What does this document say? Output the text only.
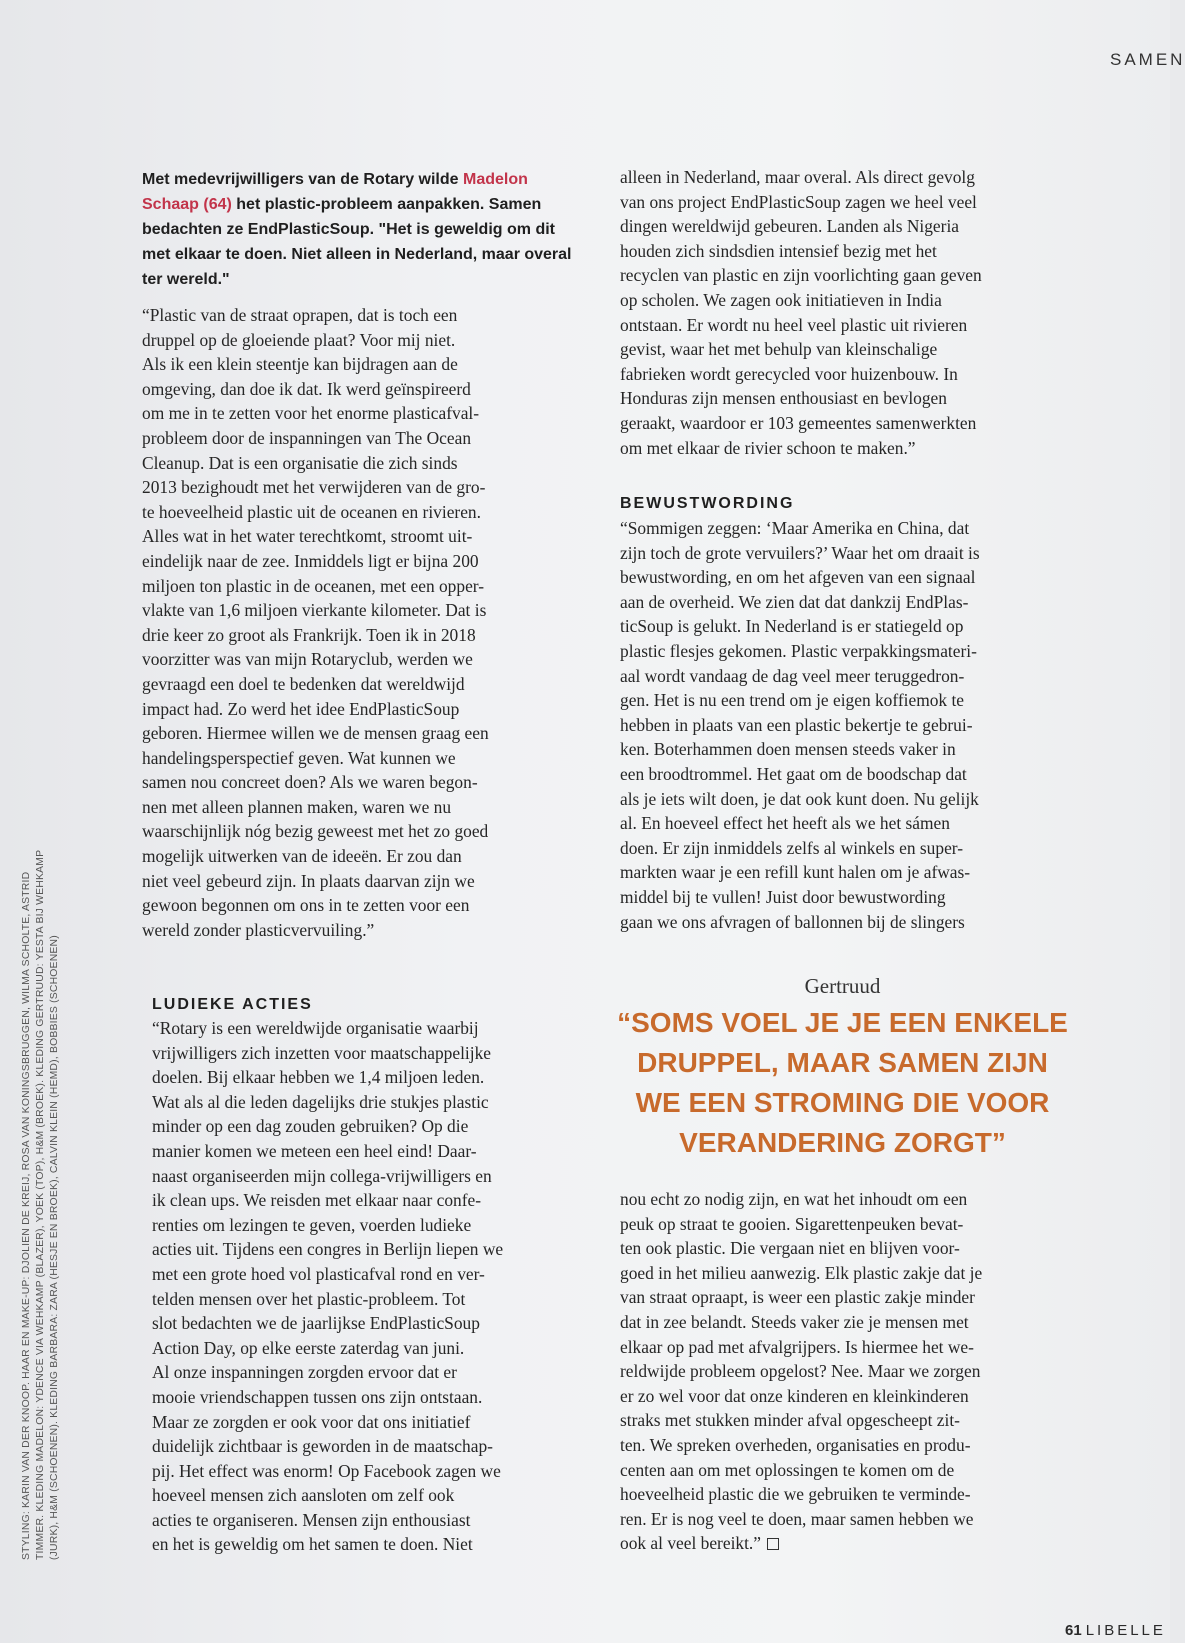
SAMEN

Met medevrijwilligers van de Rotary wilde Madelon Schaap (64) het plastic-probleem aanpakken. Samen bedachten ze EndPlasticSoup. "Het is geweldig om dit met elkaar te doen. Niet alleen in Nederland, maar overal ter wereld."

“Plastic van de straat oprapen, dat is toch een
druppel op de gloeiende plaat? Voor mij niet.
Als ik een klein steentje kan bijdragen aan de
omgeving, dan doe ik dat. Ik werd geïnspireerd
om me in te zetten voor het enorme plasticafval-
probleem door de inspanningen van The Ocean
Cleanup. Dat is een organisatie die zich sinds
2013 bezighoudt met het verwijderen van de gro-
te hoeveelheid plastic uit de oceanen en rivieren.
Alles wat in het water terechtkomt, stroomt uit-
eindelijk naar de zee. Inmiddels ligt er bijna 200
miljoen ton plastic in de oceanen, met een opper-
vlakte van 1,6 miljoen vierkante kilometer. Dat is
drie keer zo groot als Frankrijk. Toen ik in 2018
voorzitter was van mijn Rotaryclub, werden we
gevraagd een doel te bedenken dat wereldwijd
impact had. Zo werd het idee EndPlasticSoup
geboren. Hiermee willen we de mensen graag een
handelingsperspectief geven. Wat kunnen we
samen nou concreet doen? Als we waren begon-
nen met alleen plannen maken, waren we nu
waarschijnlijk nóg bezig geweest met het zo goed
mogelijk uitwerken van de ideeën. Er zou dan
niet veel gebeurd zijn. In plaats daarvan zijn we
gewoon begonnen om ons in te zetten voor een
wereld zonder plasticvervuiling.”

LUDIEKE ACTIES

“Rotary is een wereldwijde organisatie waarbij
vrijwilligers zich inzetten voor maatschappelijke
doelen. Bij elkaar hebben we 1,4 miljoen leden.
Wat als al die leden dagelijks drie stukjes plastic
minder op een dag zouden gebruiken? Op die
manier komen we meteen een heel eind! Daar-
naast organiseerden mijn collega-vrijwilligers en
ik clean ups. We reisden met elkaar naar confe-
renties om lezingen te geven, voerden ludieke
acties uit. Tijdens een congres in Berlijn liepen we
met een grote hoed vol plasticafval rond en ver-
telden mensen over het plastic-probleem. Tot
slot bedachten we de jaarlijkse EndPlasticSoup
Action Day, op elke eerste zaterdag van juni.
Al onze inspanningen zorgden ervoor dat er
mooie vriendschappen tussen ons zijn ontstaan.
Maar ze zorgden er ook voor dat ons initiatief
duidelijk zichtbaar is geworden in de maatschap-
pij. Het effect was enorm! Op Facebook zagen we
hoeveel mensen zich aansloten om zelf ook
acties te organiseren. Mensen zijn enthousiast
en het is geweldig om het samen te doen. Niet

alleen in Nederland, maar overal. Als direct gevolg
van ons project EndPlasticSoup zagen we heel veel
dingen wereldwijd gebeuren. Landen als Nigeria
houden zich sindsdien intensief bezig met het
recyclen van plastic en zijn voorlichting gaan geven
op scholen. We zagen ook initiatieven in India
ontstaan. Er wordt nu heel veel plastic uit rivieren
gevist, waar het met behulp van kleinschalige
fabrieken wordt gerecycled voor huizenbouw. In
Honduras zijn mensen enthousiast en bevlogen
geraakt, waardoor er 103 gemeentes samenwerkten
om met elkaar de rivier schoon te maken.”

BEWUSTWORDING

“Sommigen zeggen: ‘Maar Amerika en China, dat
zijn toch de grote vervuilers?’ Waar het om draait is
bewustwording, en om het afgeven van een signaal
aan de overheid. We zien dat dat dankzij EndPlas-
ticSoup is gelukt. In Nederland is er statiegeld op
plastic flesjes gekomen. Plastic verpakkingsmateri-
aal wordt vandaag de dag veel meer teruggedron-
gen. Het is nu een trend om je eigen koffiemok te
hebben in plaats van een plastic bekertje te gebrui-
ken. Boterhammen doen mensen steeds vaker in
een broodtrommel. Het gaat om de boodschap dat
als je iets wilt doen, je dat ook kunt doen. Nu gelijk
al. En hoeveel effect het heeft als we het sámen
doen. Er zijn inmiddels zelfs al winkels en super-
markten waar je een refill kunt halen om je afwas-
middel bij te vullen! Juist door bewustwording
gaan we ons afvragen of ballonnen bij de slingers

nou echt zo nodig zijn, en wat het inhoudt om een
peuk op straat te gooien. Sigarettenpeuken bevat-
ten ook plastic. Die vergaan niet en blijven voor-
goed in het milieu aanwezig. Elk plastic zakje dat je
van straat opraapt, is weer een plastic zakje minder
dat in zee belandt. Steeds vaker zie je mensen met
elkaar op pad met afvalgrijpers. Is hiermee het we-
reldwijde probleem opgelost? Nee. Maar we zorgen
er zo wel voor dat onze kinderen en kleinkinderen
straks met stukken minder afval opgescheept zit-
ten. We spreken overheden, organisaties en produ-
centen aan om met oplossingen te komen om de
hoeveelheid plastic die we gebruiken te verminde-
ren. Er is nog veel te doen, maar samen hebben we
ook al veel bereikt.”

Gertruud

“SOMS VOEL JE JE EEN ENKELE
DRUPPEL, MAAR SAMEN ZIJN
WE EEN STROMING DIE VOOR
VERANDERING ZORGT”

STYLING: KARIN VAN DER KNOOP. HAAR EN MAKE-UP: DJOLIEN DE KREIJ, ROSA VAN KONINGSBRUGGEN, WILMA SCHOLTE, ASTRID TIMMER. KLEDING MADELON: YDENCE VIA WEHKAMP (BLAZER), YOEK (TOP), H&M (BROEK). KLEDING GERTRUUD: YESTA BIJ WEHKAMP (JURK), H&M (SCHOENEN). KLEDING BARBARA: ZARA (HESJE EN BROEK), CALVIN KLEIN (HEMD), BOBBIES (SCHOENEN)
61 LIBELLE
